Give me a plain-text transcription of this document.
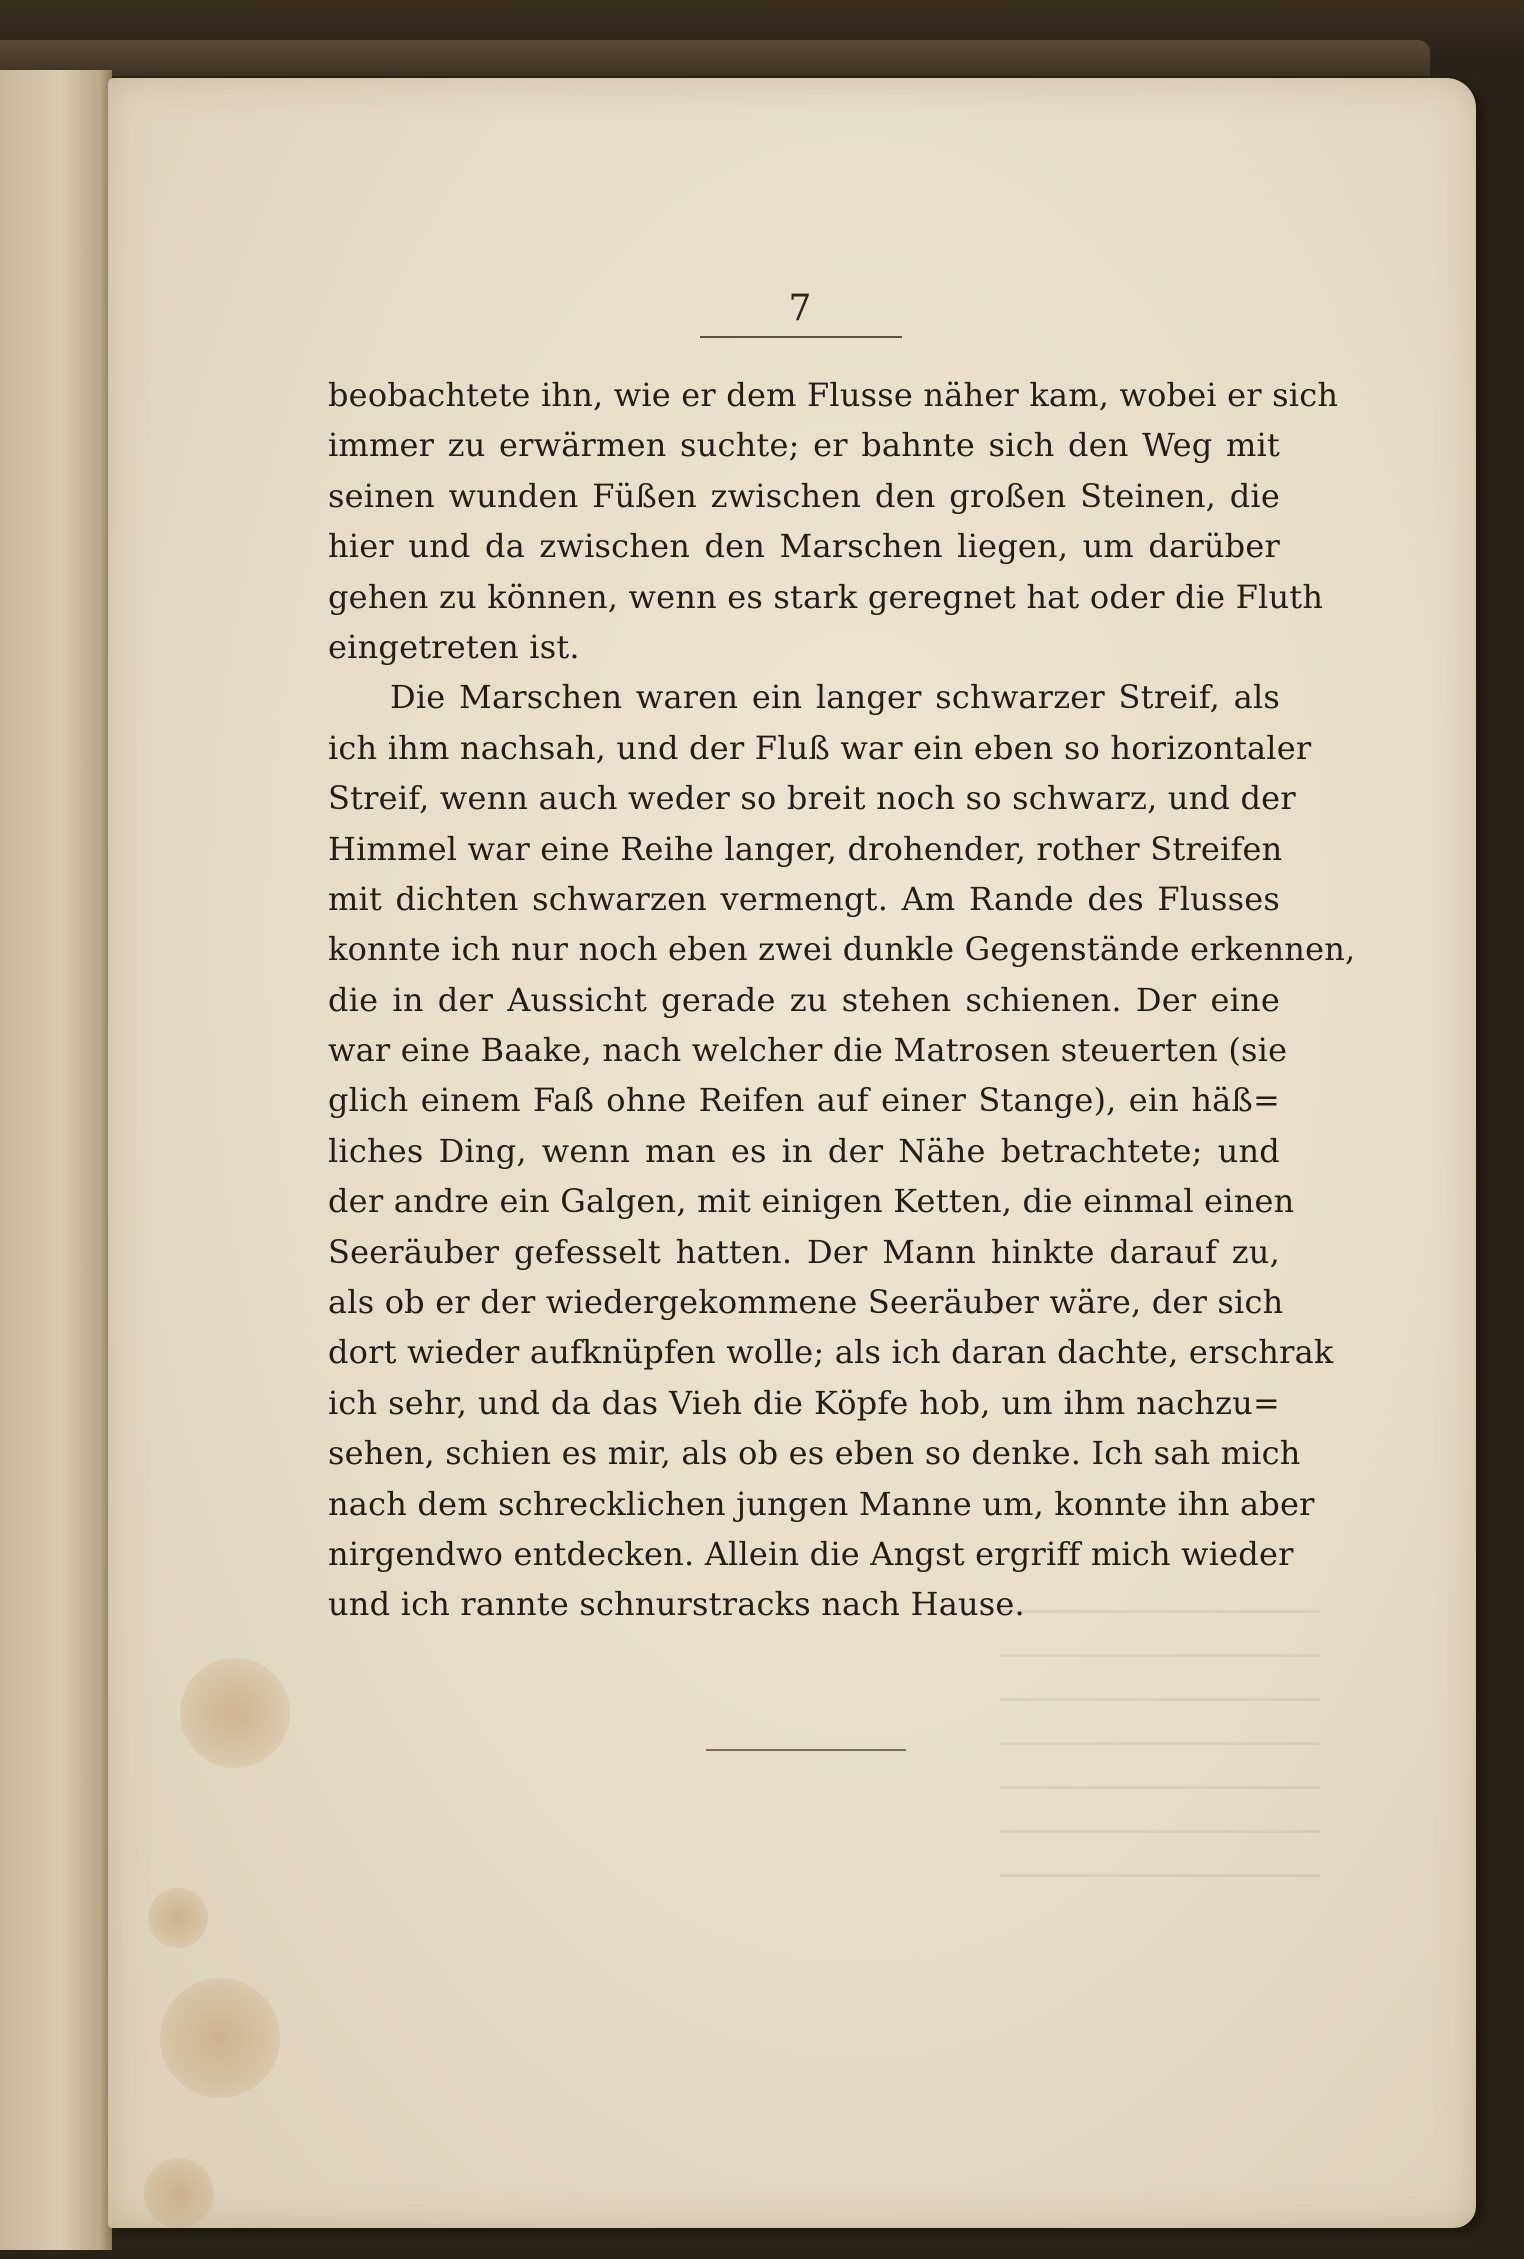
7
beobachtete ihn, wie er dem Flusse näher kam, wobei er sich
immer zu erwärmen suchte; er bahnte sich den Weg mit
seinen wunden Füßen zwischen den großen Steinen, die
hier und da zwischen den Marschen liegen, um darüber
gehen zu können, wenn es stark geregnet hat oder die Fluth
eingetreten ist.
Die Marschen waren ein langer schwarzer Streif, als
ich ihm nachsah, und der Fluß war ein eben so horizontaler
Streif, wenn auch weder so breit noch so schwarz, und der
Himmel war eine Reihe langer, drohender, rother Streifen
mit dichten schwarzen vermengt. Am Rande des Flusses
konnte ich nur noch eben zwei dunkle Gegenstände erkennen,
die in der Aussicht gerade zu stehen schienen. Der eine
war eine Baake, nach welcher die Matrosen steuerten (sie
glich einem Faß ohne Reifen auf einer Stange), ein häß=
liches Ding, wenn man es in der Nähe betrachtete; und
der andre ein Galgen, mit einigen Ketten, die einmal einen
Seeräuber gefesselt hatten. Der Mann hinkte darauf zu,
als ob er der wiedergekommene Seeräuber wäre, der sich
dort wieder aufknüpfen wolle; als ich daran dachte, erschrak
ich sehr, und da das Vieh die Köpfe hob, um ihm nachzu=
sehen, schien es mir, als ob es eben so denke. Ich sah mich
nach dem schrecklichen jungen Manne um, konnte ihn aber
nirgendwo entdecken. Allein die Angst ergriff mich wieder
und ich rannte schnurstracks nach Hause.
